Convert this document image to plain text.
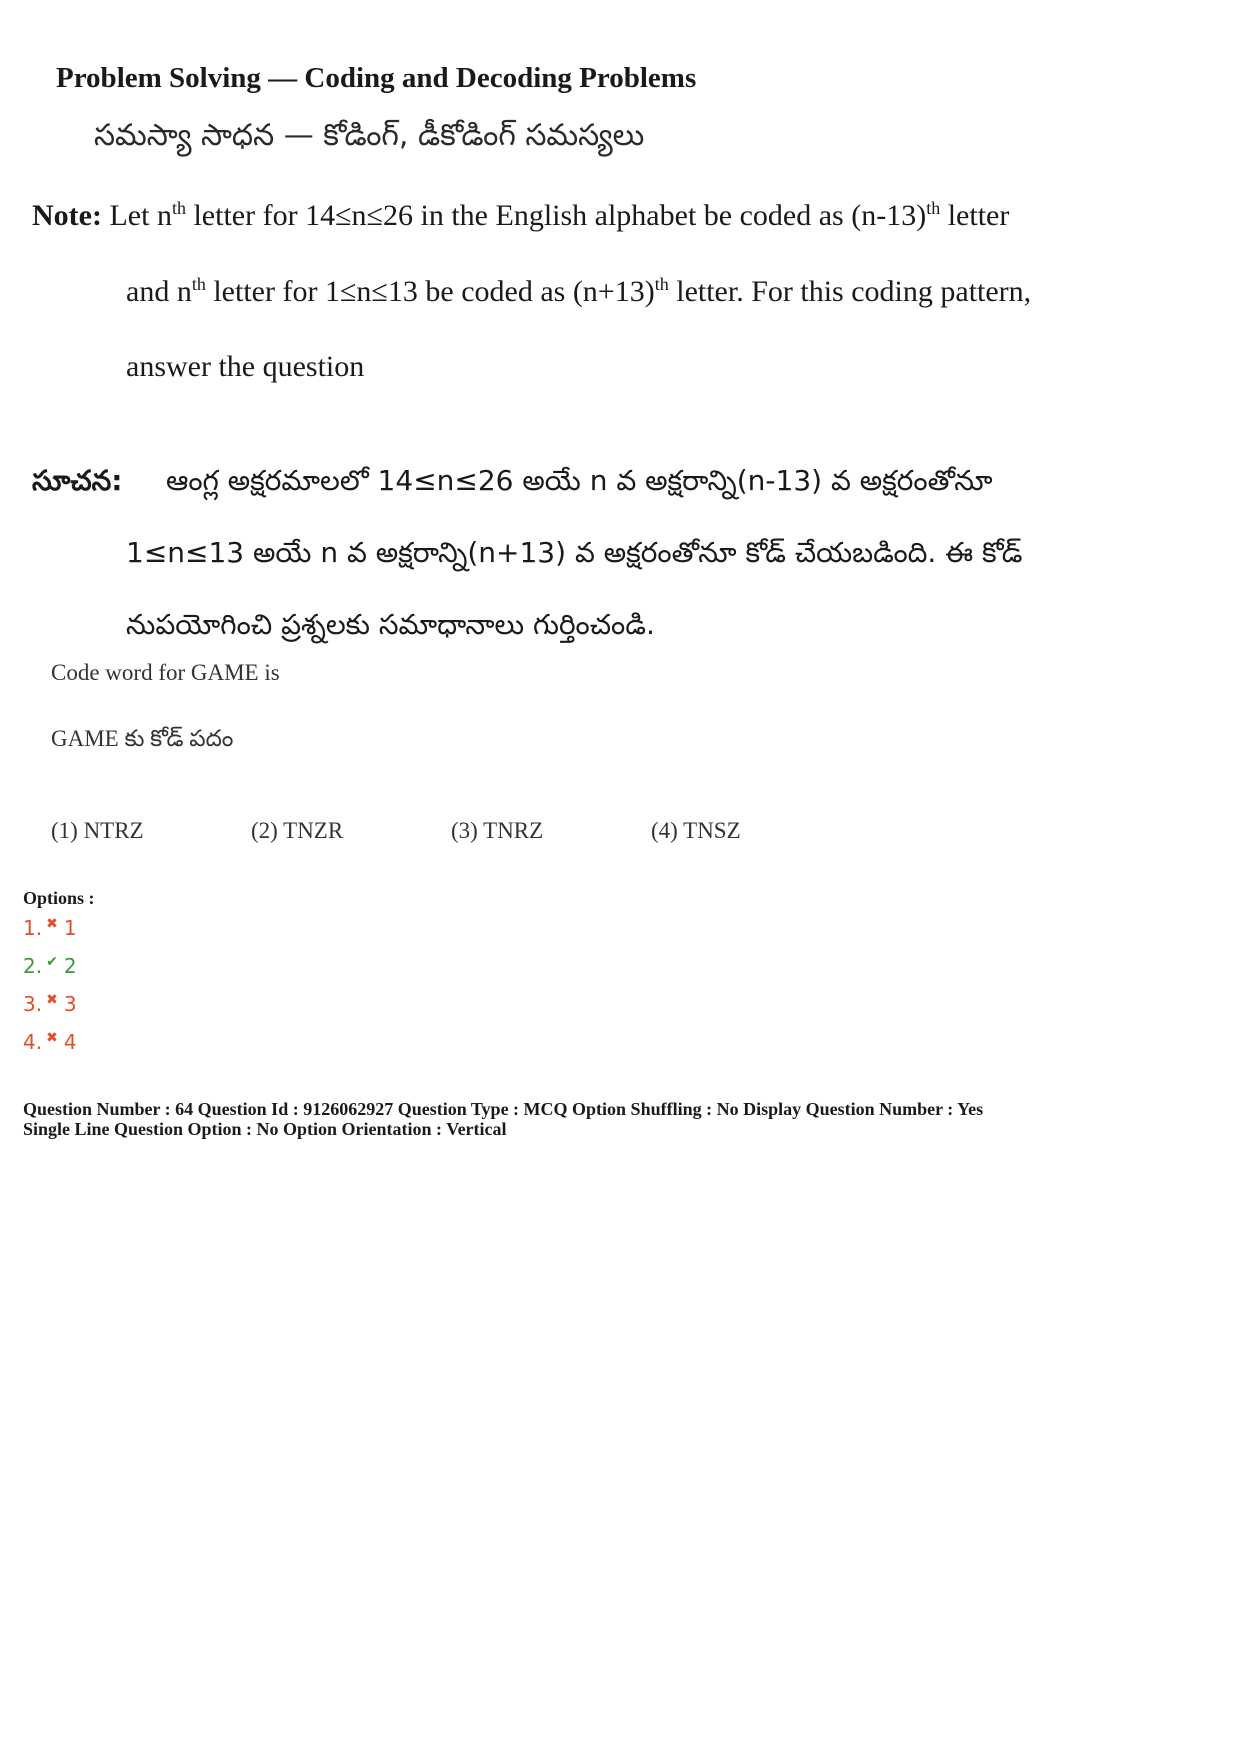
Problem Solving — Coding and Decoding Problems
సమస్యా సాధన — కోడింగ్, డీకోడింగ్ సమస్యలు
Note: Let $n^{th}$ letter for 14≤n≤26 in the English alphabet be coded as $(n-13)^{th}$ letter
and $n^{th}$ letter for 1≤n≤13 be coded as $(n+13)^{th}$ letter. For this coding pattern,
answer the question
సూచన: ఆంగ్ల అక్షరమాలలో 14≤n≤26 అయే n వ అక్షరాన్ని(n-13) వ అక్షరంతోనూ
1≤n≤13 అయే n వ అక్షరాన్ని(n+13) వ అక్షరంతోనూ కోడ్ చేయబడింది. ఈ కోడ్
నుపయోగించి ప్రశ్నలకు సమాధానాలు గుర్తించండి.
Code word for GAME is
GAME కు కోడ్ పదం
(1) NTRZ	(2) TNZR	(3) TNRZ	(4) TNSZ
Options :
1. ✖ 1
2. ✔ 2
3. ✖ 3
4. ✖ 4
Question Number : 64 Question Id : 9126062927 Question Type : MCQ Option Shuffling : No Display Question Number : Yes
Single Line Question Option : No Option Orientation : Vertical
